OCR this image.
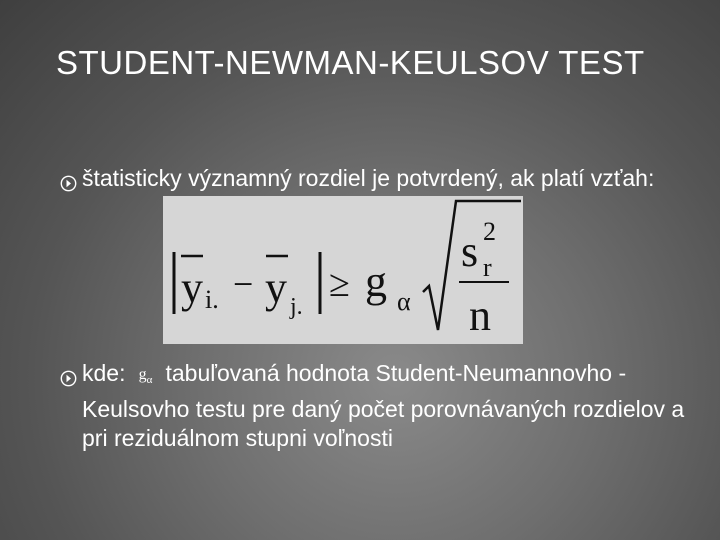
STUDENT-NEWMAN-KEULSOV TEST
štatisticky významný rozdiel je potvrdený, ak platí vzťah:
y i. − y j.
≥ g α
s 2
r
n
kde: $g_\alpha$ tabuľovaná hodnota Student-Neumannovho - Keulsovho testu pre daný počet porovnávaných rozdielov a pri reziduálnom stupni voľnosti
